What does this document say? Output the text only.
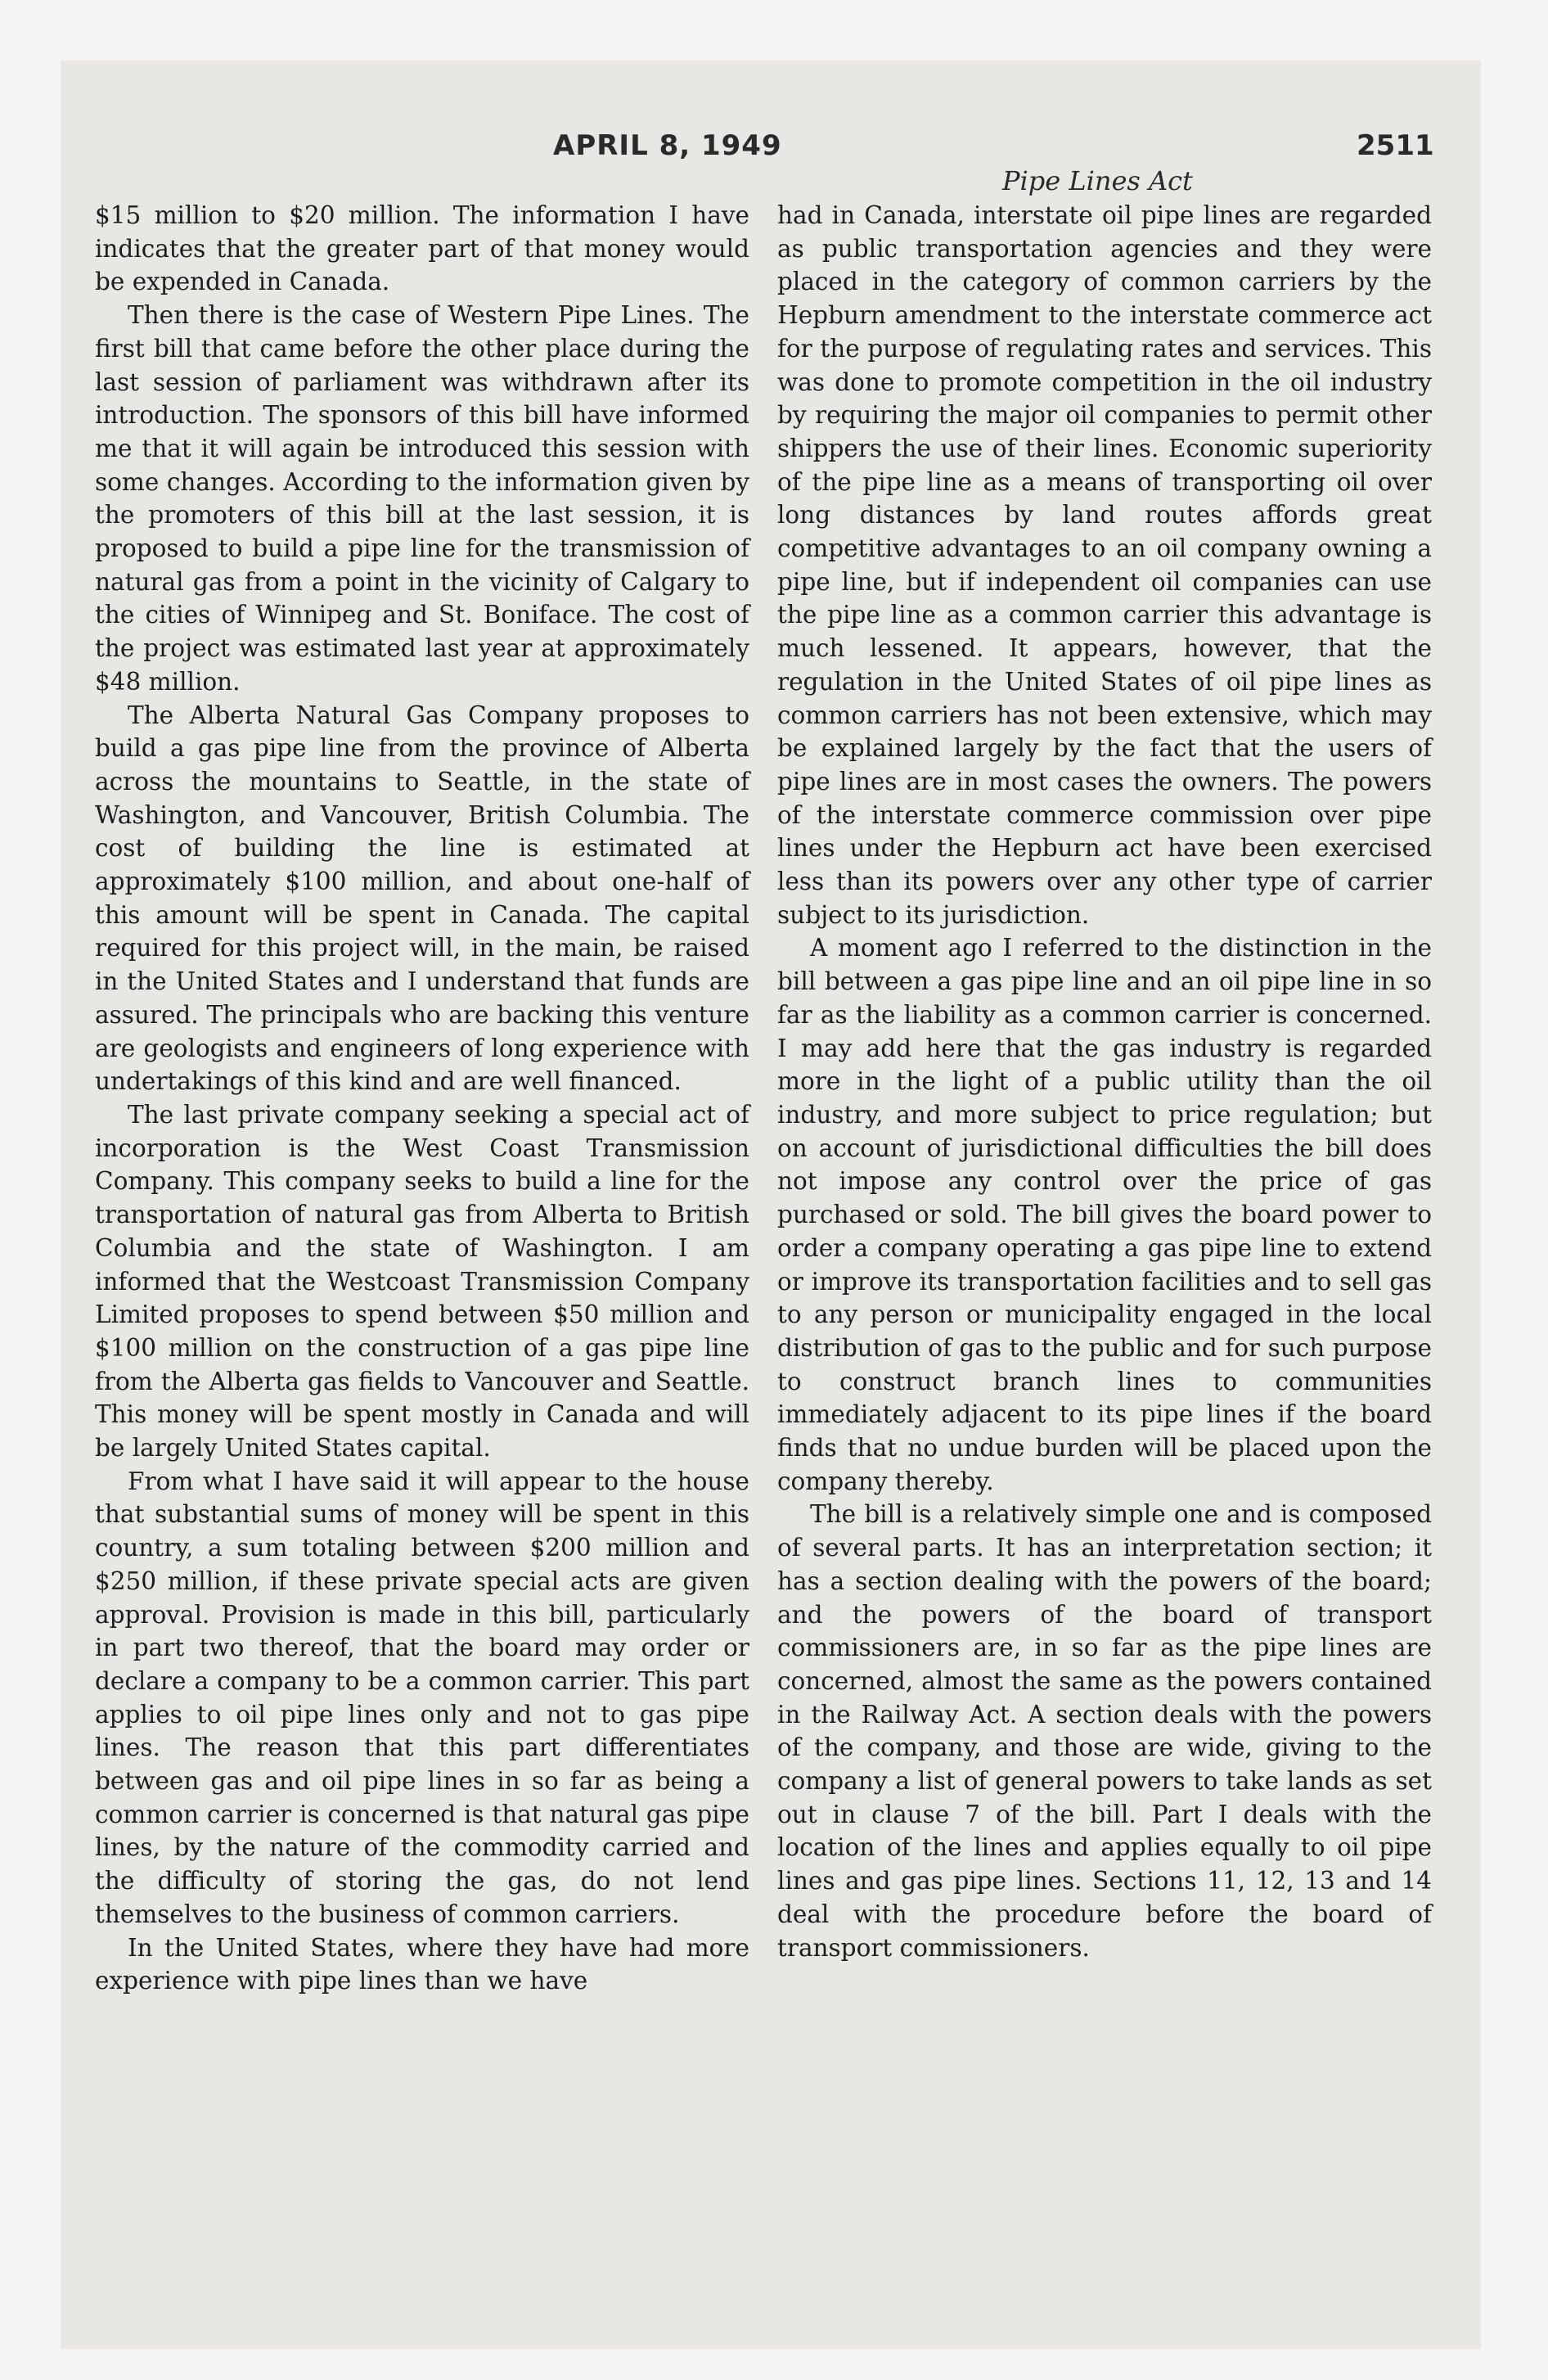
APRIL 8, 1949	2511
Pipe Lines Act

$15 million to $20 million. The information I have indicates that the greater part of that money would be expended in Canada.

Then there is the case of Western Pipe Lines. The first bill that came before the other place during the last session of parliament was withdrawn after its introduction. The sponsors of this bill have informed me that it will again be introduced this session with some changes. According to the information given by the promoters of this bill at the last session, it is proposed to build a pipe line for the transmission of natural gas from a point in the vicinity of Calgary to the cities of Winnipeg and St. Boniface. The cost of the project was estimated last year at approximately $48 million.

The Alberta Natural Gas Company proposes to build a gas pipe line from the province of Alberta across the mountains to Seattle, in the state of Washington, and Vancouver, British Columbia. The cost of building the line is estimated at approximately $100 million, and about one-half of this amount will be spent in Canada. The capital required for this project will, in the main, be raised in the United States and I understand that funds are assured. The principals who are backing this venture are geologists and engineers of long experience with undertakings of this kind and are well financed.

The last private company seeking a special act of incorporation is the West Coast Transmission Company. This company seeks to build a line for the transportation of natural gas from Alberta to British Columbia and the state of Washington. I am informed that the Westcoast Transmission Company Limited proposes to spend between $50 million and $100 million on the construction of a gas pipe line from the Alberta gas fields to Vancouver and Seattle. This money will be spent mostly in Canada and will be largely United States capital.

From what I have said it will appear to the house that substantial sums of money will be spent in this country, a sum totaling between $200 million and $250 million, if these private special acts are given approval. Provision is made in this bill, particularly in part two thereof, that the board may order or declare a company to be a common carrier. This part applies to oil pipe lines only and not to gas pipe lines. The reason that this part differentiates between gas and oil pipe lines in so far as being a common carrier is concerned is that natural gas pipe lines, by the nature of the commodity carried and the difficulty of storing the gas, do not lend themselves to the business of common carriers.

In the United States, where they have had more experience with pipe lines than we have

had in Canada, interstate oil pipe lines are regarded as public transportation agencies and they were placed in the category of common carriers by the Hepburn amendment to the interstate commerce act for the purpose of regulating rates and services. This was done to promote competition in the oil industry by requiring the major oil companies to permit other shippers the use of their lines. Economic superiority of the pipe line as a means of transporting oil over long distances by land routes affords great competitive advantages to an oil company owning a pipe line, but if independent oil companies can use the pipe line as a common carrier this advantage is much lessened. It appears, however, that the regulation in the United States of oil pipe lines as common carriers has not been extensive, which may be explained largely by the fact that the users of pipe lines are in most cases the owners. The powers of the interstate commerce commission over pipe lines under the Hepburn act have been exercised less than its powers over any other type of carrier subject to its jurisdiction.

A moment ago I referred to the distinction in the bill between a gas pipe line and an oil pipe line in so far as the liability as a common carrier is concerned. I may add here that the gas industry is regarded more in the light of a public utility than the oil industry, and more subject to price regulation; but on account of jurisdictional difficulties the bill does not impose any control over the price of gas purchased or sold. The bill gives the board power to order a company operating a gas pipe line to extend or improve its transportation facilities and to sell gas to any person or municipality engaged in the local distribution of gas to the public and for such purpose to construct branch lines to communities immediately adjacent to its pipe lines if the board finds that no undue burden will be placed upon the company thereby.

The bill is a relatively simple one and is composed of several parts. It has an interpretation section; it has a section dealing with the powers of the board; and the powers of the board of transport commissioners are, in so far as the pipe lines are concerned, almost the same as the powers contained in the Railway Act. A section deals with the powers of the company, and those are wide, giving to the company a list of general powers to take lands as set out in clause 7 of the bill. Part I deals with the location of the lines and applies equally to oil pipe lines and gas pipe lines. Sections 11, 12, 13 and 14 deal with the procedure before the board of transport commissioners.
